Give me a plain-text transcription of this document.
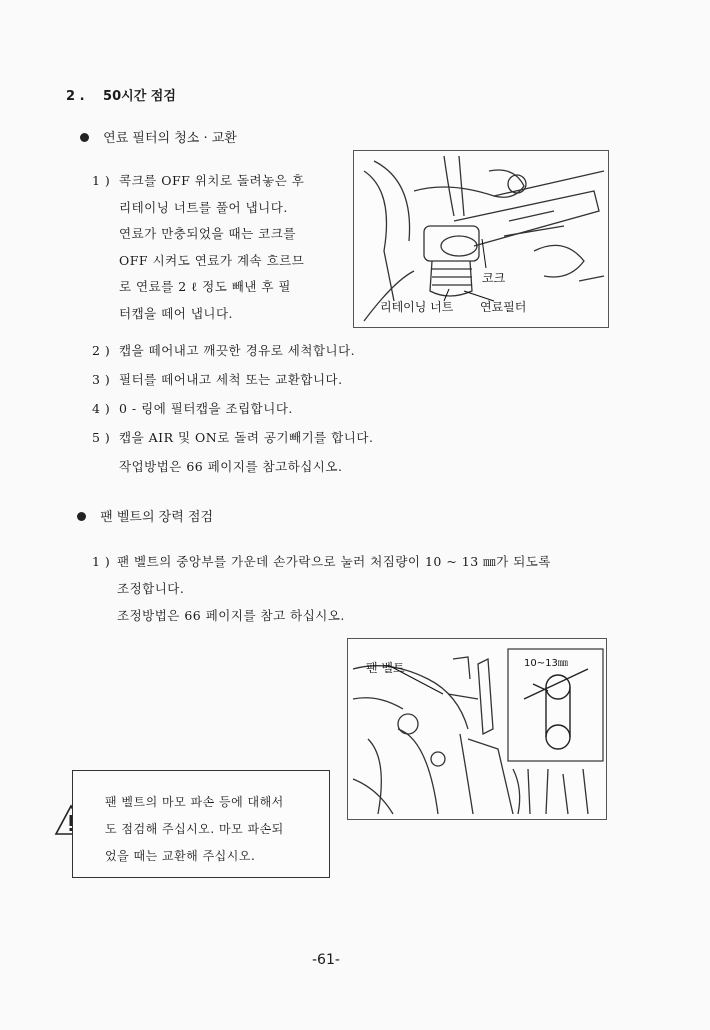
2 . 50시간 점검
연료 필터의 청소 · 교환
1 ) 콕크를 OFF 위치로 돌려놓은 후
리테이닝 너트를 풀어 냅니다.
연료가 만충되었을 때는 코크를
OFF 시켜도 연료가 계속 흐르므
로 연료를 2 ℓ 정도 빼낸 후 필
터캡을 떼어 냅니다.
2 ) 캡을 떼어내고 깨끗한 경유로 세척합니다.
3 ) 필터를 떼어내고 세척 또는 교환합니다.
4 ) 0 - 링에 필터캡을 조립합니다.
5 ) 캡을 AIR 및 ON로 돌려 공기빼기를 합니다.
작업방법은 66 페이지를 참고하십시오.
코크
리테이닝 너트 연료필터
팬 벨트의 장력 점검
1 ) 팬 벨트의 중앙부를 가운데 손가락으로 눌러 처짐량이 10 ~ 13 ㎜가 되도록
조정합니다.
조정방법은 66 페이지를 참고 하십시오.
10~13㎜
팬 벨트
팬 벨트의 마모 파손 등에 대해서
도 점검해 주십시오. 마모 파손되
었을 때는 교환해 주십시오.
-61-
